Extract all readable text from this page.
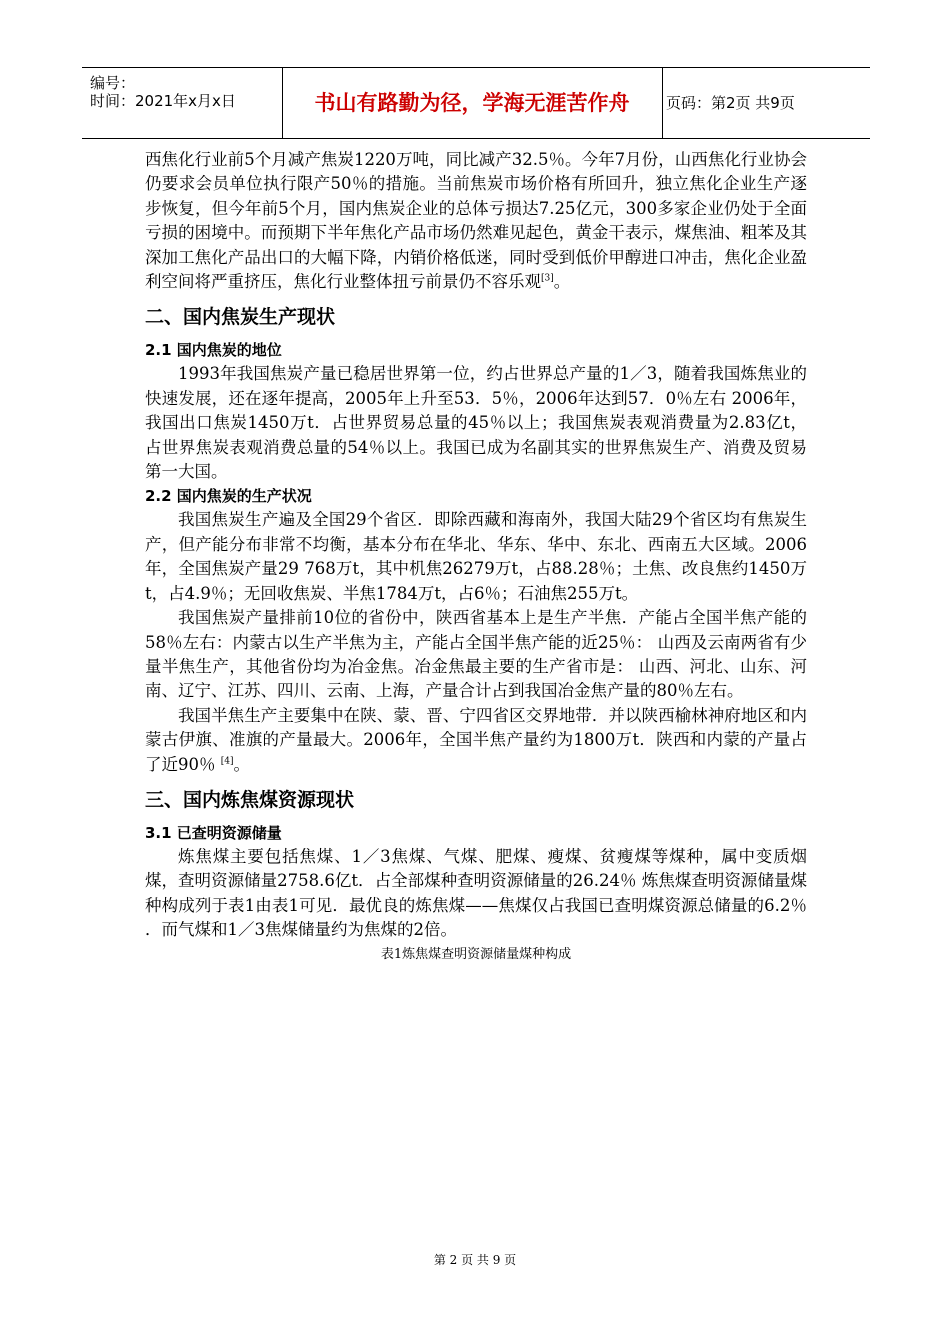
编号：
时间：2021年x月x日	书山有路勤为径，学海无涯苦作舟	页码：第2页 共9页

西焦化行业前5个月减产焦炭1220万吨，同比减产32.5％。今年7月份，山西焦化行业协会仍要求会员单位执行限产50％的措施。当前焦炭市场价格有所回升，独立焦化企业生产逐步恢复，但今年前5个月，国内焦炭企业的总体亏损达7.25亿元，300多家企业仍处于全面亏损的困境中。而预期下半年焦化产品市场仍然难见起色，黄金干表示，煤焦油、粗苯及其深加工焦化产品出口的大幅下降，内销价格低迷，同时受到低价甲醇进口冲击，焦化企业盈利空间将严重挤压，焦化行业整体扭亏前景仍不容乐观[3]。

二、国内焦炭生产现状
2.1 国内焦炭的地位

1993年我国焦炭产量已稳居世界第一位，约占世界总产量的1／3，随着我国炼焦业的快速发展，还在逐年提高，2005年上升至53．5％，2006年达到57．0％左右 2006年，我国出口焦炭1450万t．占世界贸易总量的45％以上；我国焦炭表观消费量为2.83亿t， 占世界焦炭表观消费总量的54％以上。我国已成为名副其实的世界焦炭生产、消费及贸易第一大国。

2.2 国内焦炭的生产状况

我国焦炭生产遍及全国29个省区．即除西藏和海南外，我国大陆29个省区均有焦炭生产，但产能分布非常不均衡，基本分布在华北、华东、华中、东北、西南五大区域。2006年，全国焦炭产量29 768万t，其中机焦26279万t，占88.28％；土焦、改良焦约1450万t，占4.9％；无回收焦炭、半焦1784万t，占6％；石油焦255万t。

我国焦炭产量排前10位的省份中，陕西省基本上是生产半焦．产能占全国半焦产能的58％左右：内蒙古以生产半焦为主，产能占全国半焦产能的近25％： 山西及云南两省有少量半焦生产，其他省份均为冶金焦。冶金焦最主要的生产省市是： 山西、河北、山东、河南、辽宁、江苏、四川、云南、上海，产量合计占到我国冶金焦产量的80％左右。

我国半焦生产主要集中在陕、蒙、晋、宁四省区交界地带．并以陕西榆林神府地区和内蒙古伊旗、准旗的产量最大。2006年，全国半焦产量约为1800万t．陕西和内蒙的产量占了近90％ [4]。

三、国内炼焦煤资源现状
3.1 已查明资源储量

炼焦煤主要包括焦煤、1／3焦煤、气煤、肥煤、瘦煤、贫瘦煤等煤种，属中变质烟煤，查明资源储量2758.6亿t．占全部煤种查明资源储量的26.24％ 炼焦煤查明资源储量煤种构成列于表1由表1可见．最优良的炼焦煤——焦煤仅占我国已查明煤资源总储量的6.2％ ．而气煤和1／3焦煤储量约为焦煤的2倍。

表1炼焦煤查明资源储量煤种构成

第 2 页 共 9 页
